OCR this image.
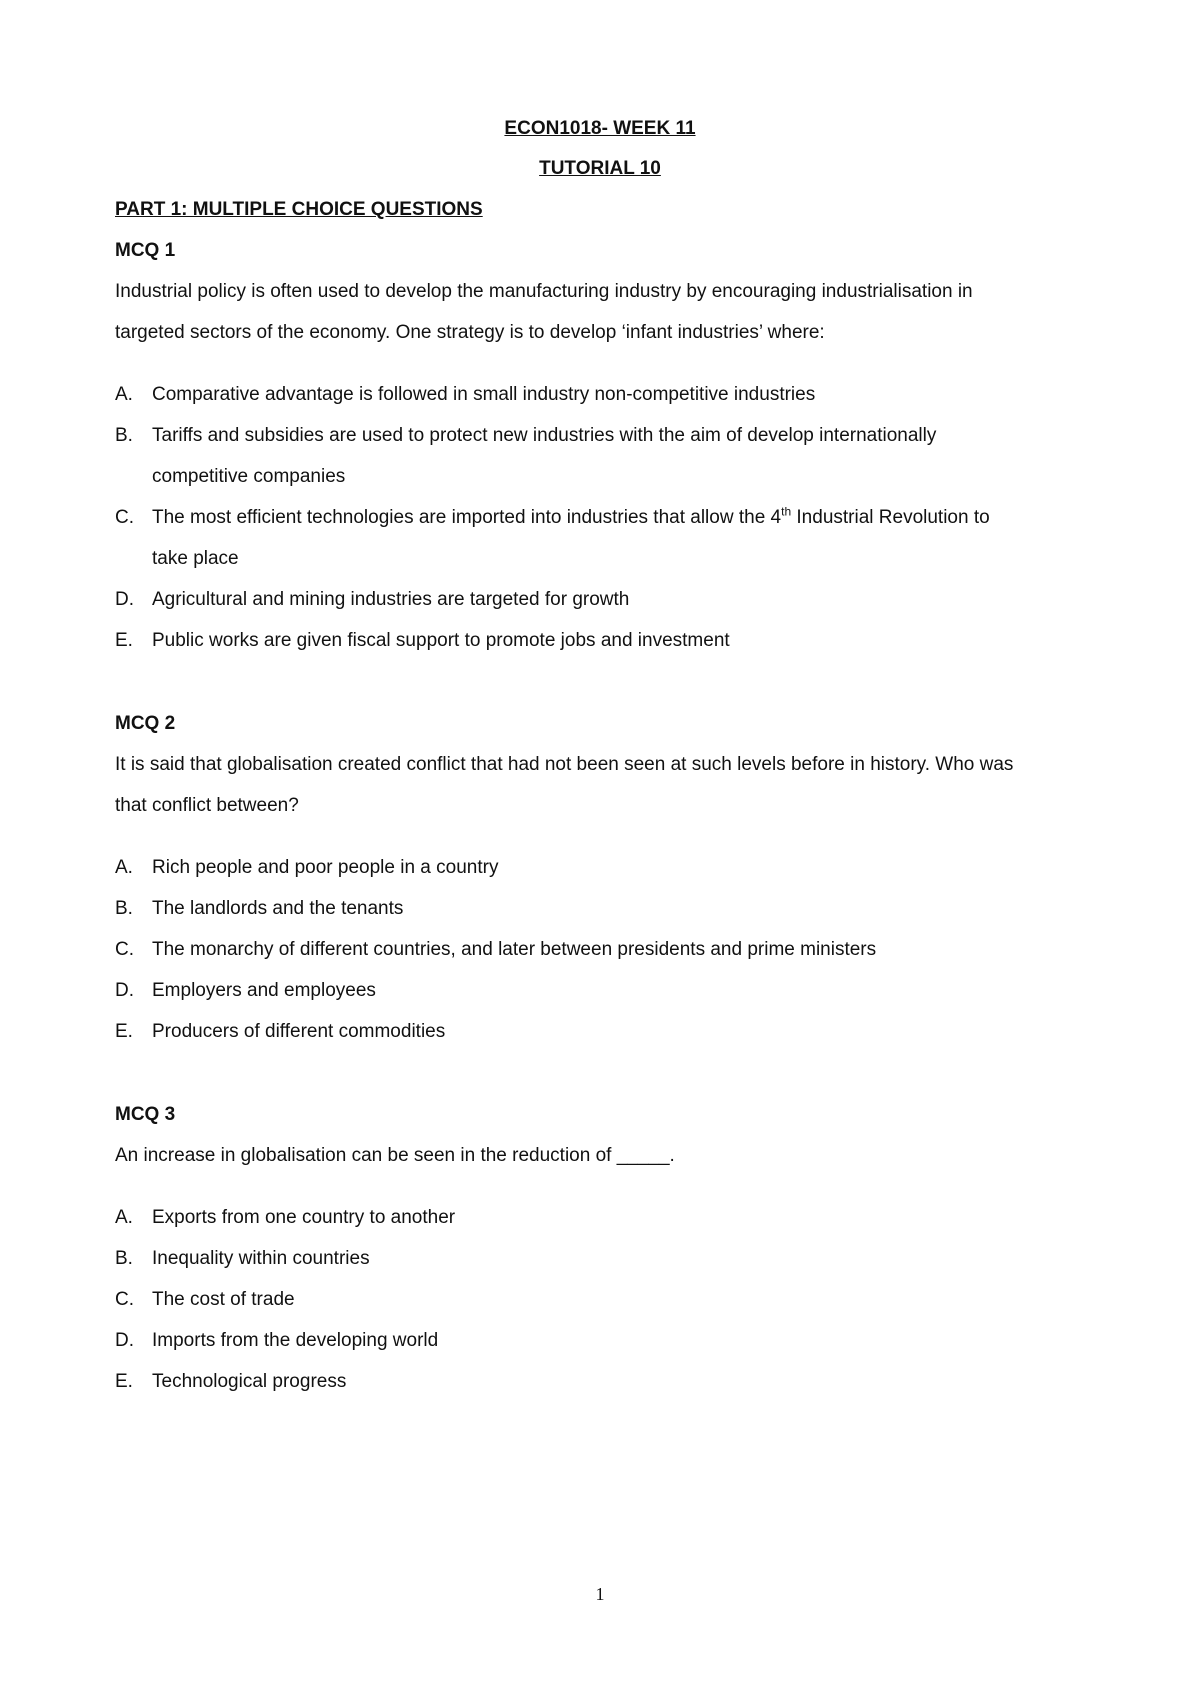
ECON1018- WEEK 11
TUTORIAL 10
PART 1: MULTIPLE CHOICE QUESTIONS
MCQ 1
Industrial policy is often used to develop the manufacturing industry by encouraging industrialisation in
targeted sectors of the economy. One strategy is to develop ‘infant industries’ where:
A. Comparative advantage is followed in small industry non-competitive industries
B. Tariffs and subsidies are used to protect new industries with the aim of develop internationally
competitive companies
C. The most efficient technologies are imported into industries that allow the 4th Industrial Revolution to
take place
D. Agricultural and mining industries are targeted for growth
E. Public works are given fiscal support to promote jobs and investment
MCQ 2
It is said that globalisation created conflict that had not been seen at such levels before in history. Who was
that conflict between?
A. Rich people and poor people in a country
B. The landlords and the tenants
C. The monarchy of different countries, and later between presidents and prime ministers
D. Employers and employees
E. Producers of different commodities
MCQ 3
An increase in globalisation can be seen in the reduction of _____.
A. Exports from one country to another
B. Inequality within countries
C. The cost of trade
D. Imports from the developing world
E. Technological progress
1
